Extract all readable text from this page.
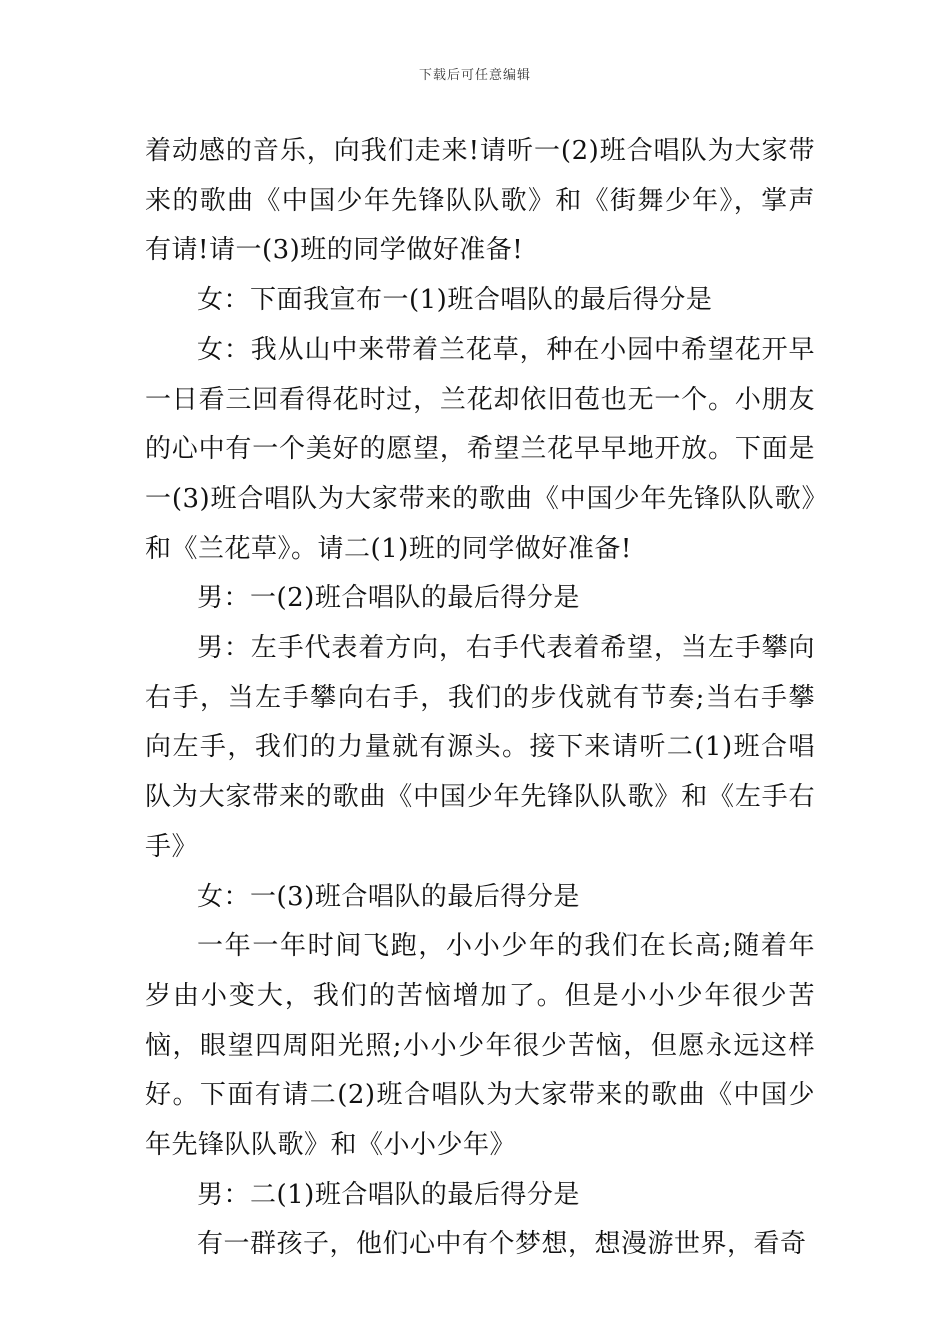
下载后可任意编辑

着动感的音乐，向我们走来!请听一(2)班合唱队为大家带来的歌曲《中国少年先锋队队歌》和《街舞少年》，掌声有请!请一(3)班的同学做好准备!

女：下面我宣布一(1)班合唱队的最后得分是

女：我从山中来带着兰花草，种在小园中希望花开早一日看三回看得花时过，兰花却依旧苞也无一个。小朋友的心中有一个美好的愿望，希望兰花早早地开放。下面是一(3)班合唱队为大家带来的歌曲《中国少年先锋队队歌》和《兰花草》。请二(1)班的同学做好准备!

男：一(2)班合唱队的最后得分是

男：左手代表着方向，右手代表着希望，当左手攀向右手，当左手攀向右手，我们的步伐就有节奏;当右手攀向左手，我们的力量就有源头。接下来请听二(1)班合唱队为大家带来的歌曲《中国少年先锋队队歌》和《左手右手》

女：一(3)班合唱队的最后得分是

一年一年时间飞跑，小小少年的我们在长高;随着年岁由小变大，我们的苦恼增加了。但是小小少年很少苦恼，眼望四周阳光照;小小少年很少苦恼，但愿永远这样好。下面有请二(2)班合唱队为大家带来的歌曲《中国少年先锋队队歌》和《小小少年》

男：二(1)班合唱队的最后得分是

有一群孩子，他们心中有个梦想，想漫游世界，看奇
